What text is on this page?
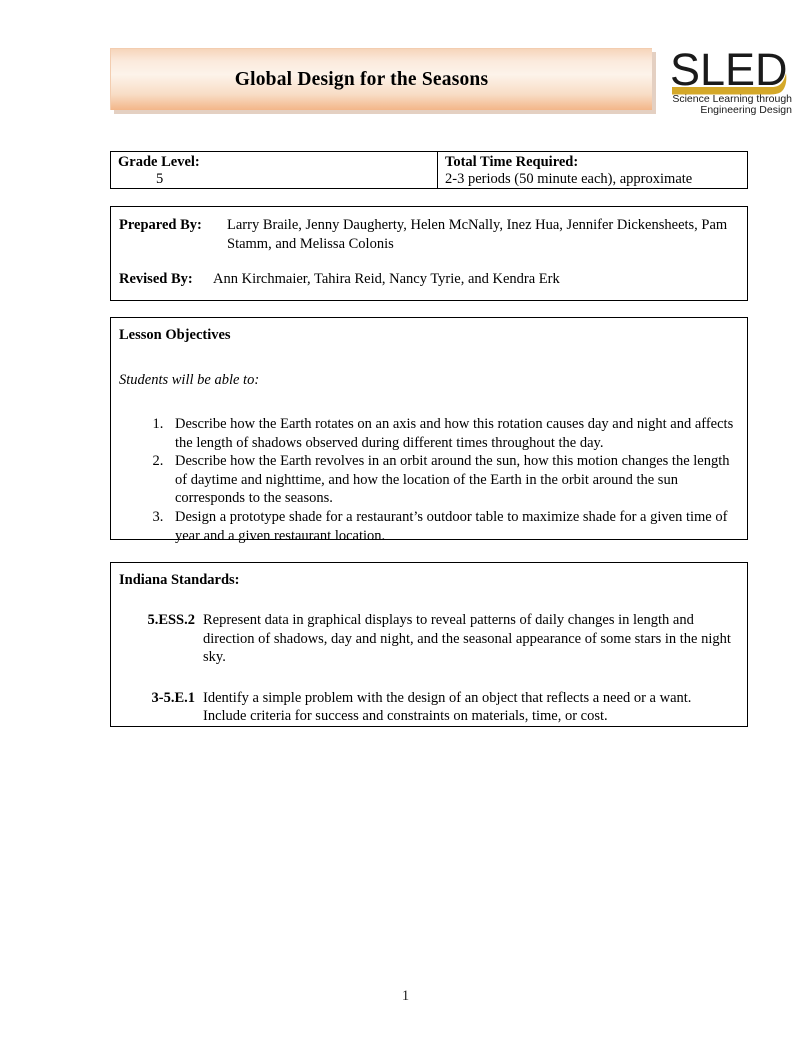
Global Design for the Seasons	SLED
Science Learning through
Engineering Design
Grade Level:
5
Total Time Required:
2-3 periods (50 minute each), approximate
Prepared By:	Larry Braile, Jenny Daugherty, Helen McNally, Inez Hua, Jennifer Dickensheets, Pam Stamm, and Melissa Colonis
Revised By:	Ann Kirchmaier, Tahira Reid, Nancy Tyrie, and Kendra Erk
Lesson Objectives
Students will be able to:
1. Describe how the Earth rotates on an axis and how this rotation causes day and night and affects the length of shadows observed during different times throughout the day.
2. Describe how the Earth revolves in an orbit around the sun, how this motion changes the length of daytime and nighttime, and how the location of the Earth in the orbit around the sun corresponds to the seasons.
3. Design a prototype shade for a restaurant’s outdoor table to maximize shade for a given time of year and a given restaurant location.
Indiana Standards:
5.ESS.2 Represent data in graphical displays to reveal patterns of daily changes in length and direction of shadows, day and night, and the seasonal appearance of some stars in the night sky.
3-5.E.1 Identify a simple problem with the design of an object that reflects a need or a want. Include criteria for success and constraints on materials, time, or cost.
1
